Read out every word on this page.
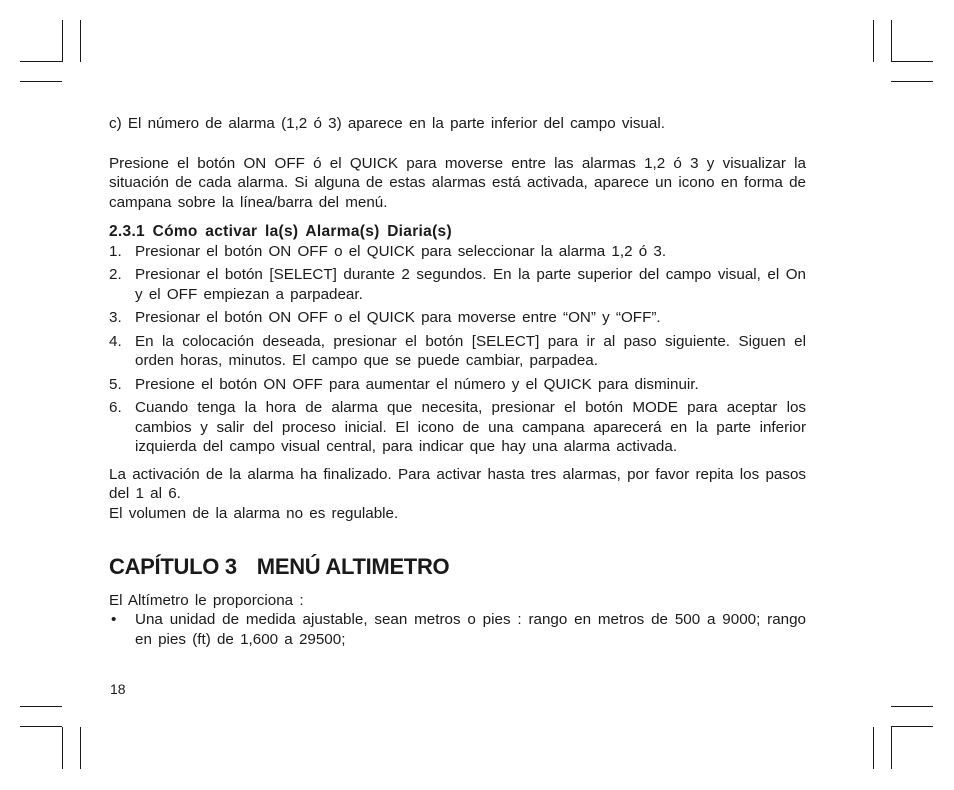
c) El número de alarma (1,2 ó 3) aparece en la parte inferior del campo visual.

Presione el botón ON OFF ó el QUICK para moverse entre las alarmas 1,2 ó 3 y visualizar la situación de cada alarma. Si alguna de estas alarmas está activada, aparece un icono en forma de campana sobre la línea/barra del menú.

2.3.1 Cómo activar la(s) Alarma(s) Diaria(s)
1. Presionar el botón ON OFF o el QUICK para seleccionar la alarma 1,2 ó 3.
2. Presionar el botón [SELECT] durante 2 segundos. En la parte superior del campo visual, el On y el OFF empiezan a parpadear.
3. Presionar el botón ON OFF o el QUICK para moverse entre “ON” y “OFF”.
4. En la colocación deseada, presionar el botón [SELECT] para ir al paso siguiente. Siguen el orden horas, minutos. El campo que se puede cambiar, parpadea.
5. Presione el botón ON OFF para aumentar el número y el QUICK para disminuir.
6. Cuando tenga la hora de alarma que necesita, presionar el botón MODE para aceptar los cambios y salir del proceso inicial. El icono de una campana aparecerá en la parte inferior izquierda del campo visual central, para indicar que hay una alarma activada.

La activación de la alarma ha finalizado. Para activar hasta tres alarmas, por favor repita los pasos del 1 al 6.

El volumen de la alarma no es regulable.

CAPÍTULO 3 MENÚ ALTIMETRO

El Altímetro le proporciona :

•	Una unidad de medida ajustable, sean metros o pies : rango en metros de 500 a 9000; rango en pies (ft) de 1,600 a 29500;
18
